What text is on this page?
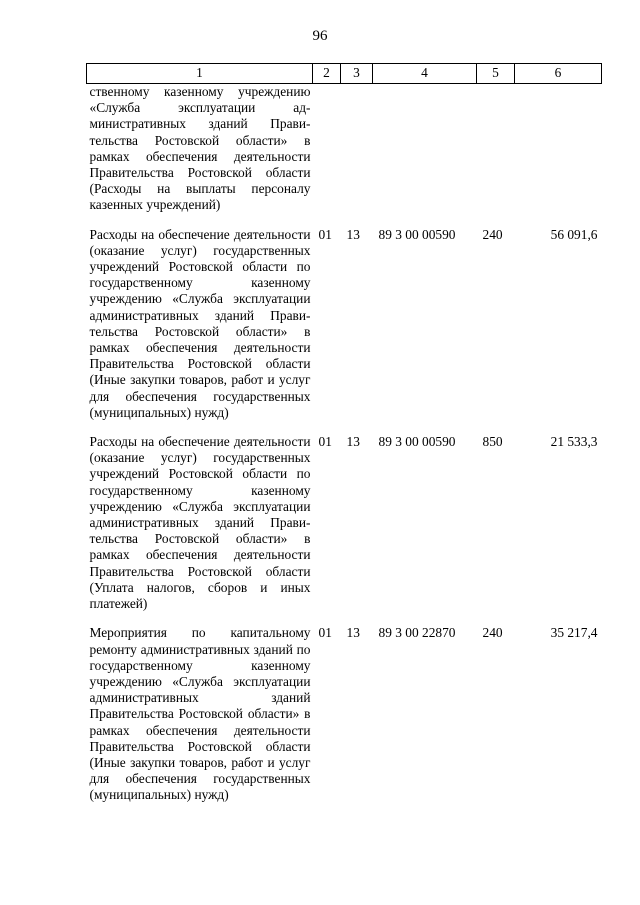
96
1	2	3	4	5	6
ственному казенному учреждению «Служба эксплуатации административных зданий Правительства Ростовской области» в рамках обеспечения деятельности Правительства Ростовской области (Расходы на выплаты персоналу казенных учреждений)					
Расходы на обеспечение деятельности (оказание услуг) государственных учреждений Ростовской области по государственному казенному учреждению «Служба эксплуатации административных зданий Правительства Ростовской области» в рамках обеспечения деятельности Правительства Ростовской области (Иные закупки товаров, работ и услуг для обеспечения государственных (муниципальных) нужд)	01	13	89 3 00 00590	240	56 091,6
Расходы на обеспечение деятельности (оказание услуг) государственных учреждений Ростовской области по государственному казенному учреждению «Служба эксплуатации административных зданий Правительства Ростовской области» в рамках обеспечения деятельности Правительства Ростовской области (Уплата налогов, сборов и иных платежей)	01	13	89 3 00 00590	850	21 533,3
Мероприятия по капитальному ремонту административных зданий по государственному казенному учреждению «Служба эксплуатации административных зданий Правительства Ростовской области» в рамках обеспечения деятельности Правительства Ростовской области (Иные закупки товаров, работ и услуг для обеспечения государственных (муниципальных) нужд)	01	13	89 3 00 22870	240	35 217,4
